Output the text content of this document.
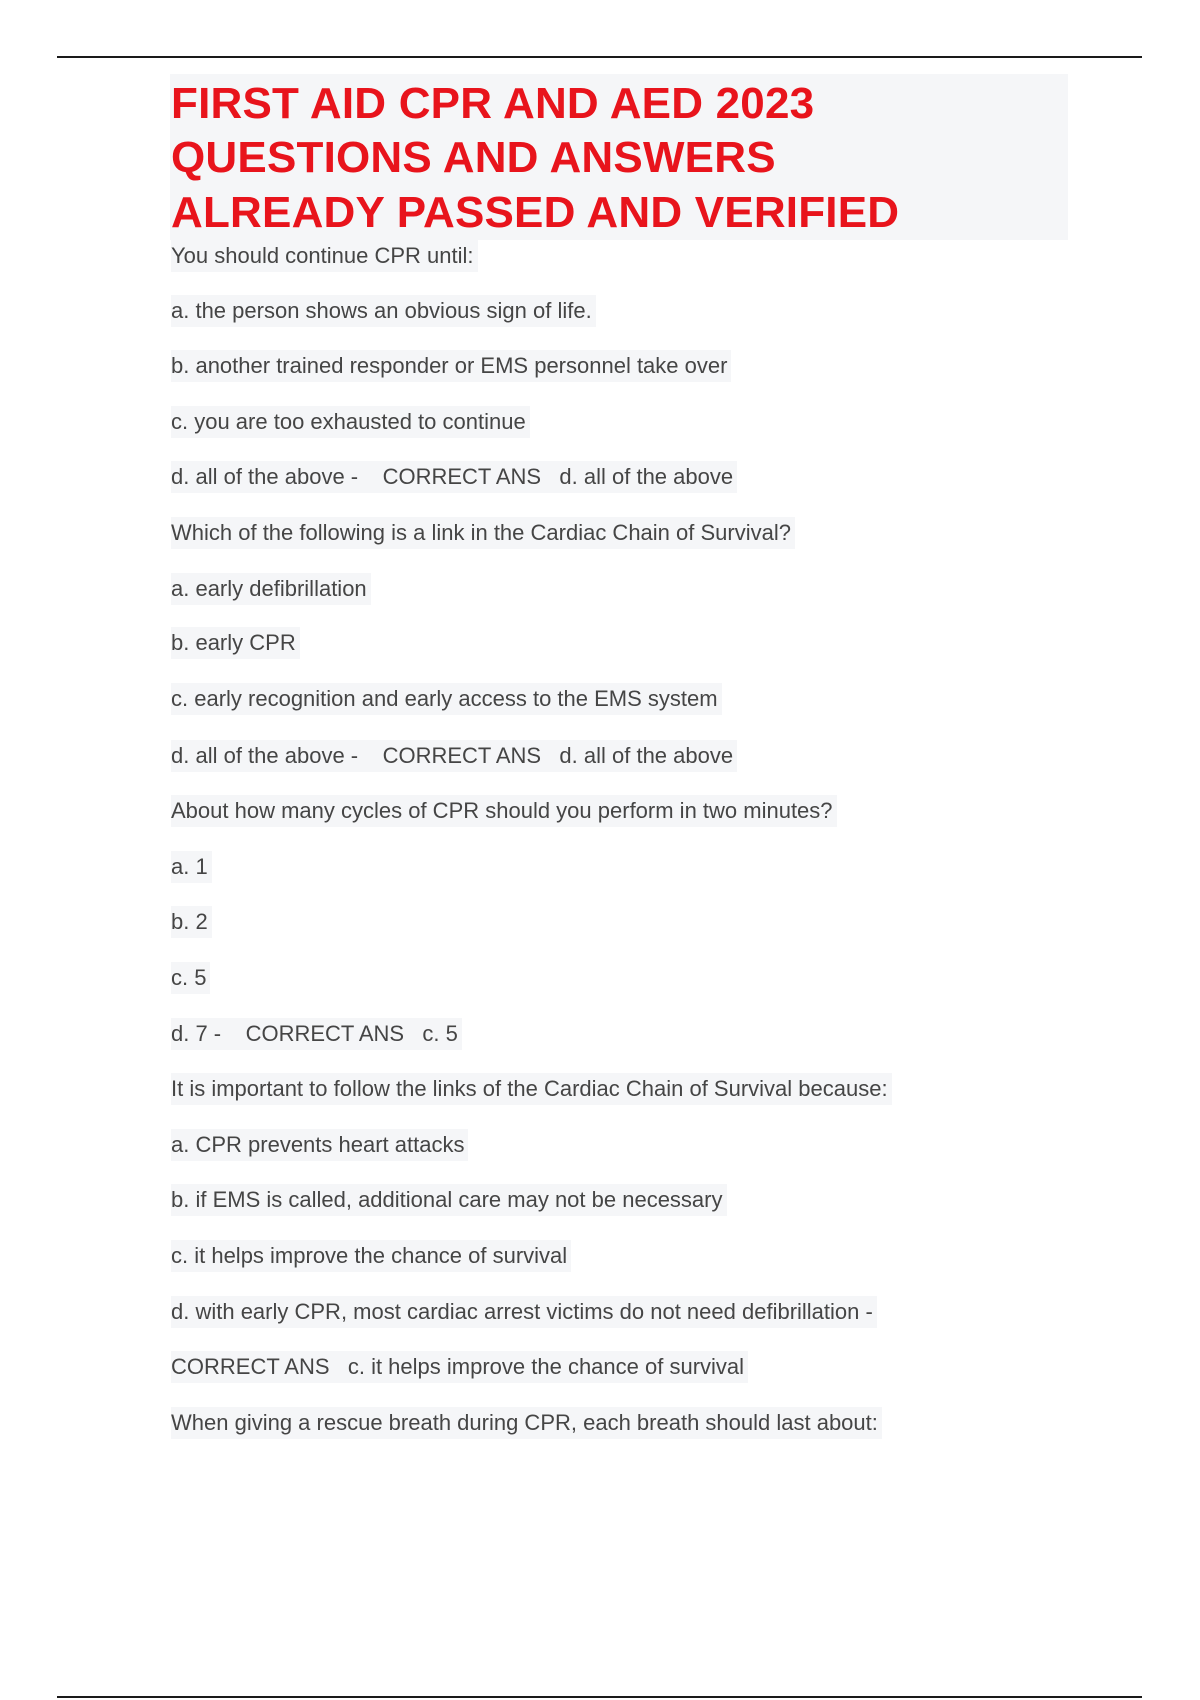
FIRST AID CPR AND AED 2023
QUESTIONS AND ANSWERS
ALREADY PASSED AND VERIFIED
You should continue CPR until:
a. the person shows an obvious sign of life.
b. another trained responder or EMS personnel take over
c. you are too exhausted to continue
d. all of the above -    CORRECT ANS   d. all of the above
Which of the following is a link in the Cardiac Chain of Survival?
a. early defibrillation
b. early CPR
c. early recognition and early access to the EMS system
d. all of the above -    CORRECT ANS   d. all of the above
About how many cycles of CPR should you perform in two minutes?
a. 1
b. 2
c. 5
d. 7 -    CORRECT ANS   c. 5
It is important to follow the links of the Cardiac Chain of Survival because:
a. CPR prevents heart attacks
b. if EMS is called, additional care may not be necessary
c. it helps improve the chance of survival
d. with early CPR, most cardiac arrest victims do not need defibrillation -
CORRECT ANS   c. it helps improve the chance of survival
When giving a rescue breath during CPR, each breath should last about:
